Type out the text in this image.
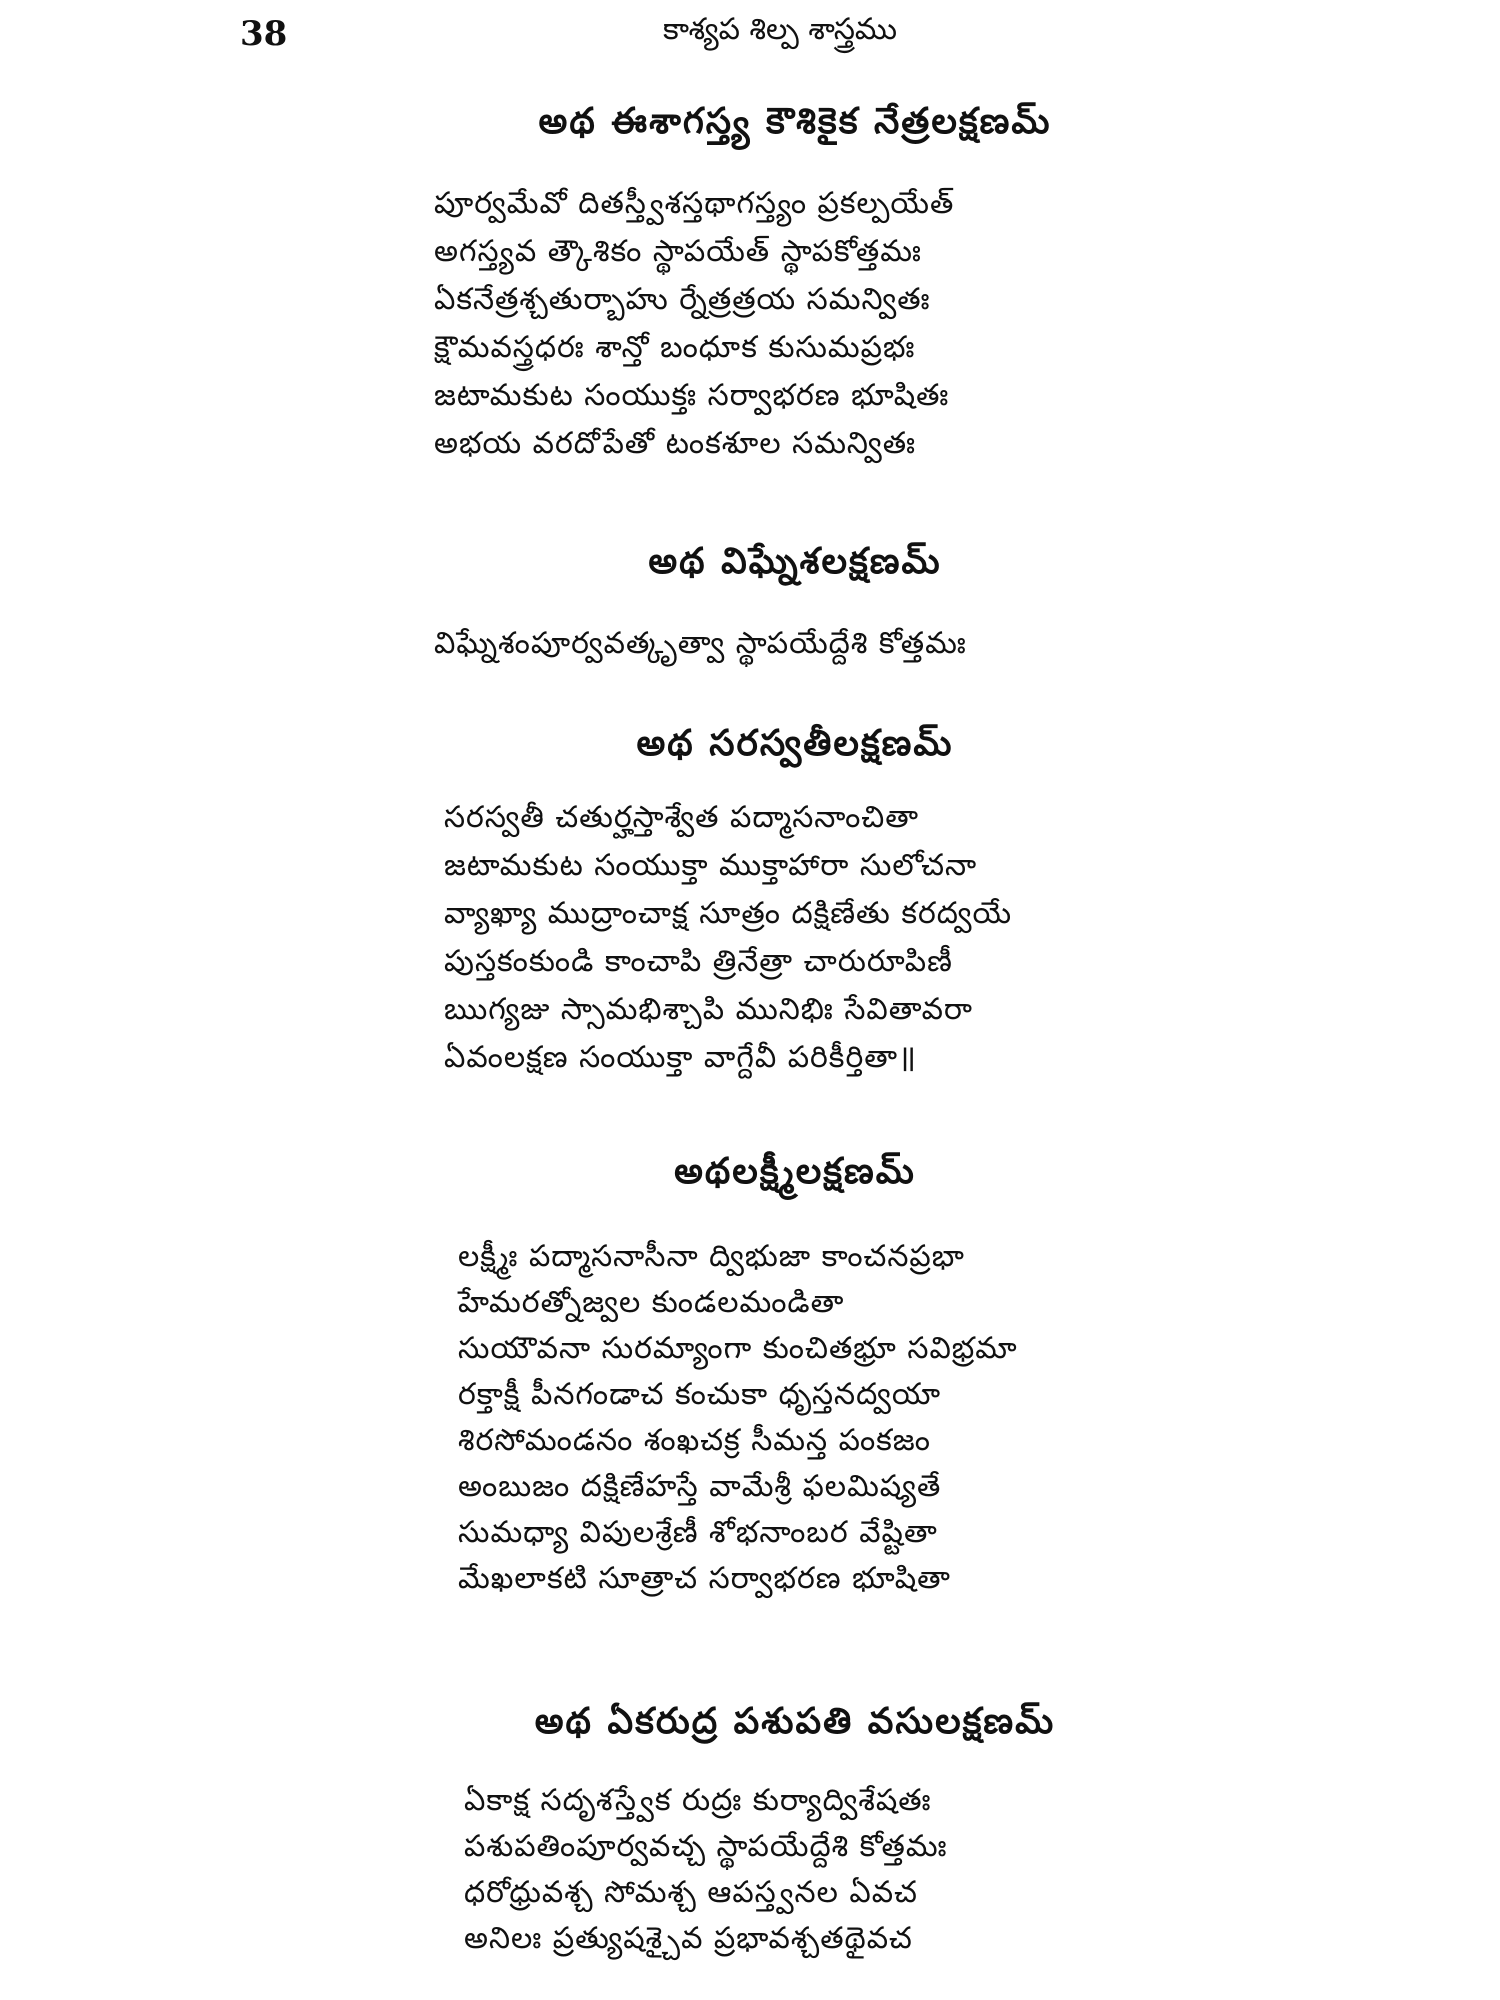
38	కాశ్యప శిల్ప శాస్త్రము
అథ ఈశాగస్త్య కౌశికైక నేత్రలక్షణమ్
పూర్వమేవో దితస్త్వీశస్తథాగస్త్యం ప్రకల్పయేత్
అగస్త్యవ త్కౌశికం స్థాపయేత్ స్థాపకోత్తమః
ఏకనేత్రశ్చతుర్బాహు ర్నేత్రత్రయ సమన్వితః
క్షౌమవస్త్రధరః శాన్తో బంధూక కుసుమప్రభః
జటామకుట సంయుక్తః సర్వాభరణ భూషితః
అభయ వరదోపేతో టంకశూల సమన్వితః
అథ విఘ్నేశలక్షణమ్
విఘ్నేశంపూర్వవత్కృత్వా స్థాపయేద్దేశి కోత్తమః
అథ సరస్వతీలక్షణమ్
సరస్వతీ చతుర్హస్తాశ్వేత పద్మాసనాంచితా
జటామకుట సంయుక్తా ముక్తాహారా సులోచనా
వ్యాఖ్యా ముద్రాంచాక్ష సూత్రం దక్షిణేతు కరద్వయే
పుస్తకంకుండి కాంచాపి త్రినేత్రా చారురూపిణీ
ఋగ్యజు స్సామభిశ్చాపి మునిభిః సేవితావరా
ఏవంలక్షణ సంయుక్తా వాగ్దేవీ పరికీర్తితా॥
అథలక్ష్మీలక్షణమ్
లక్ష్మీః పద్మాసనాసీనా ద్విభుజా కాంచనప్రభా
హేమరత్నోజ్వల కుండలమండితా
సుయౌవనా సురమ్యాంగా కుంచితభ్రూ సవిభ్రమా
రక్తాక్షీ పీనగండాచ కంచుకా ధృస్తనద్వయా
శిరసోమండనం శంఖచక్ర సీమన్త పంకజం
అంబుజం దక్షిణేహస్తే వామేశ్రీ ఫలమిష్యతే
సుమధ్యా విపులశ్రేణీ శోభనాంబర వేష్టితా
మేఖలాకటి సూత్రాచ సర్వాభరణ భూషితా
అథ ఏకరుద్ర పశుపతి వసులక్షణమ్
ఏకాక్ష సదృశస్త్వేక రుద్రః కుర్యాద్విశేషతః
పశుపతింపూర్వవచ్చ స్థాపయేద్దేశి కోత్తమః
ధరోధ్రువశ్చ సోమశ్చ ఆపస్త్వనల ఏవచ
అనిలః ప్రత్యుషశ్చైవ ప్రభావశ్చతథైవచ
